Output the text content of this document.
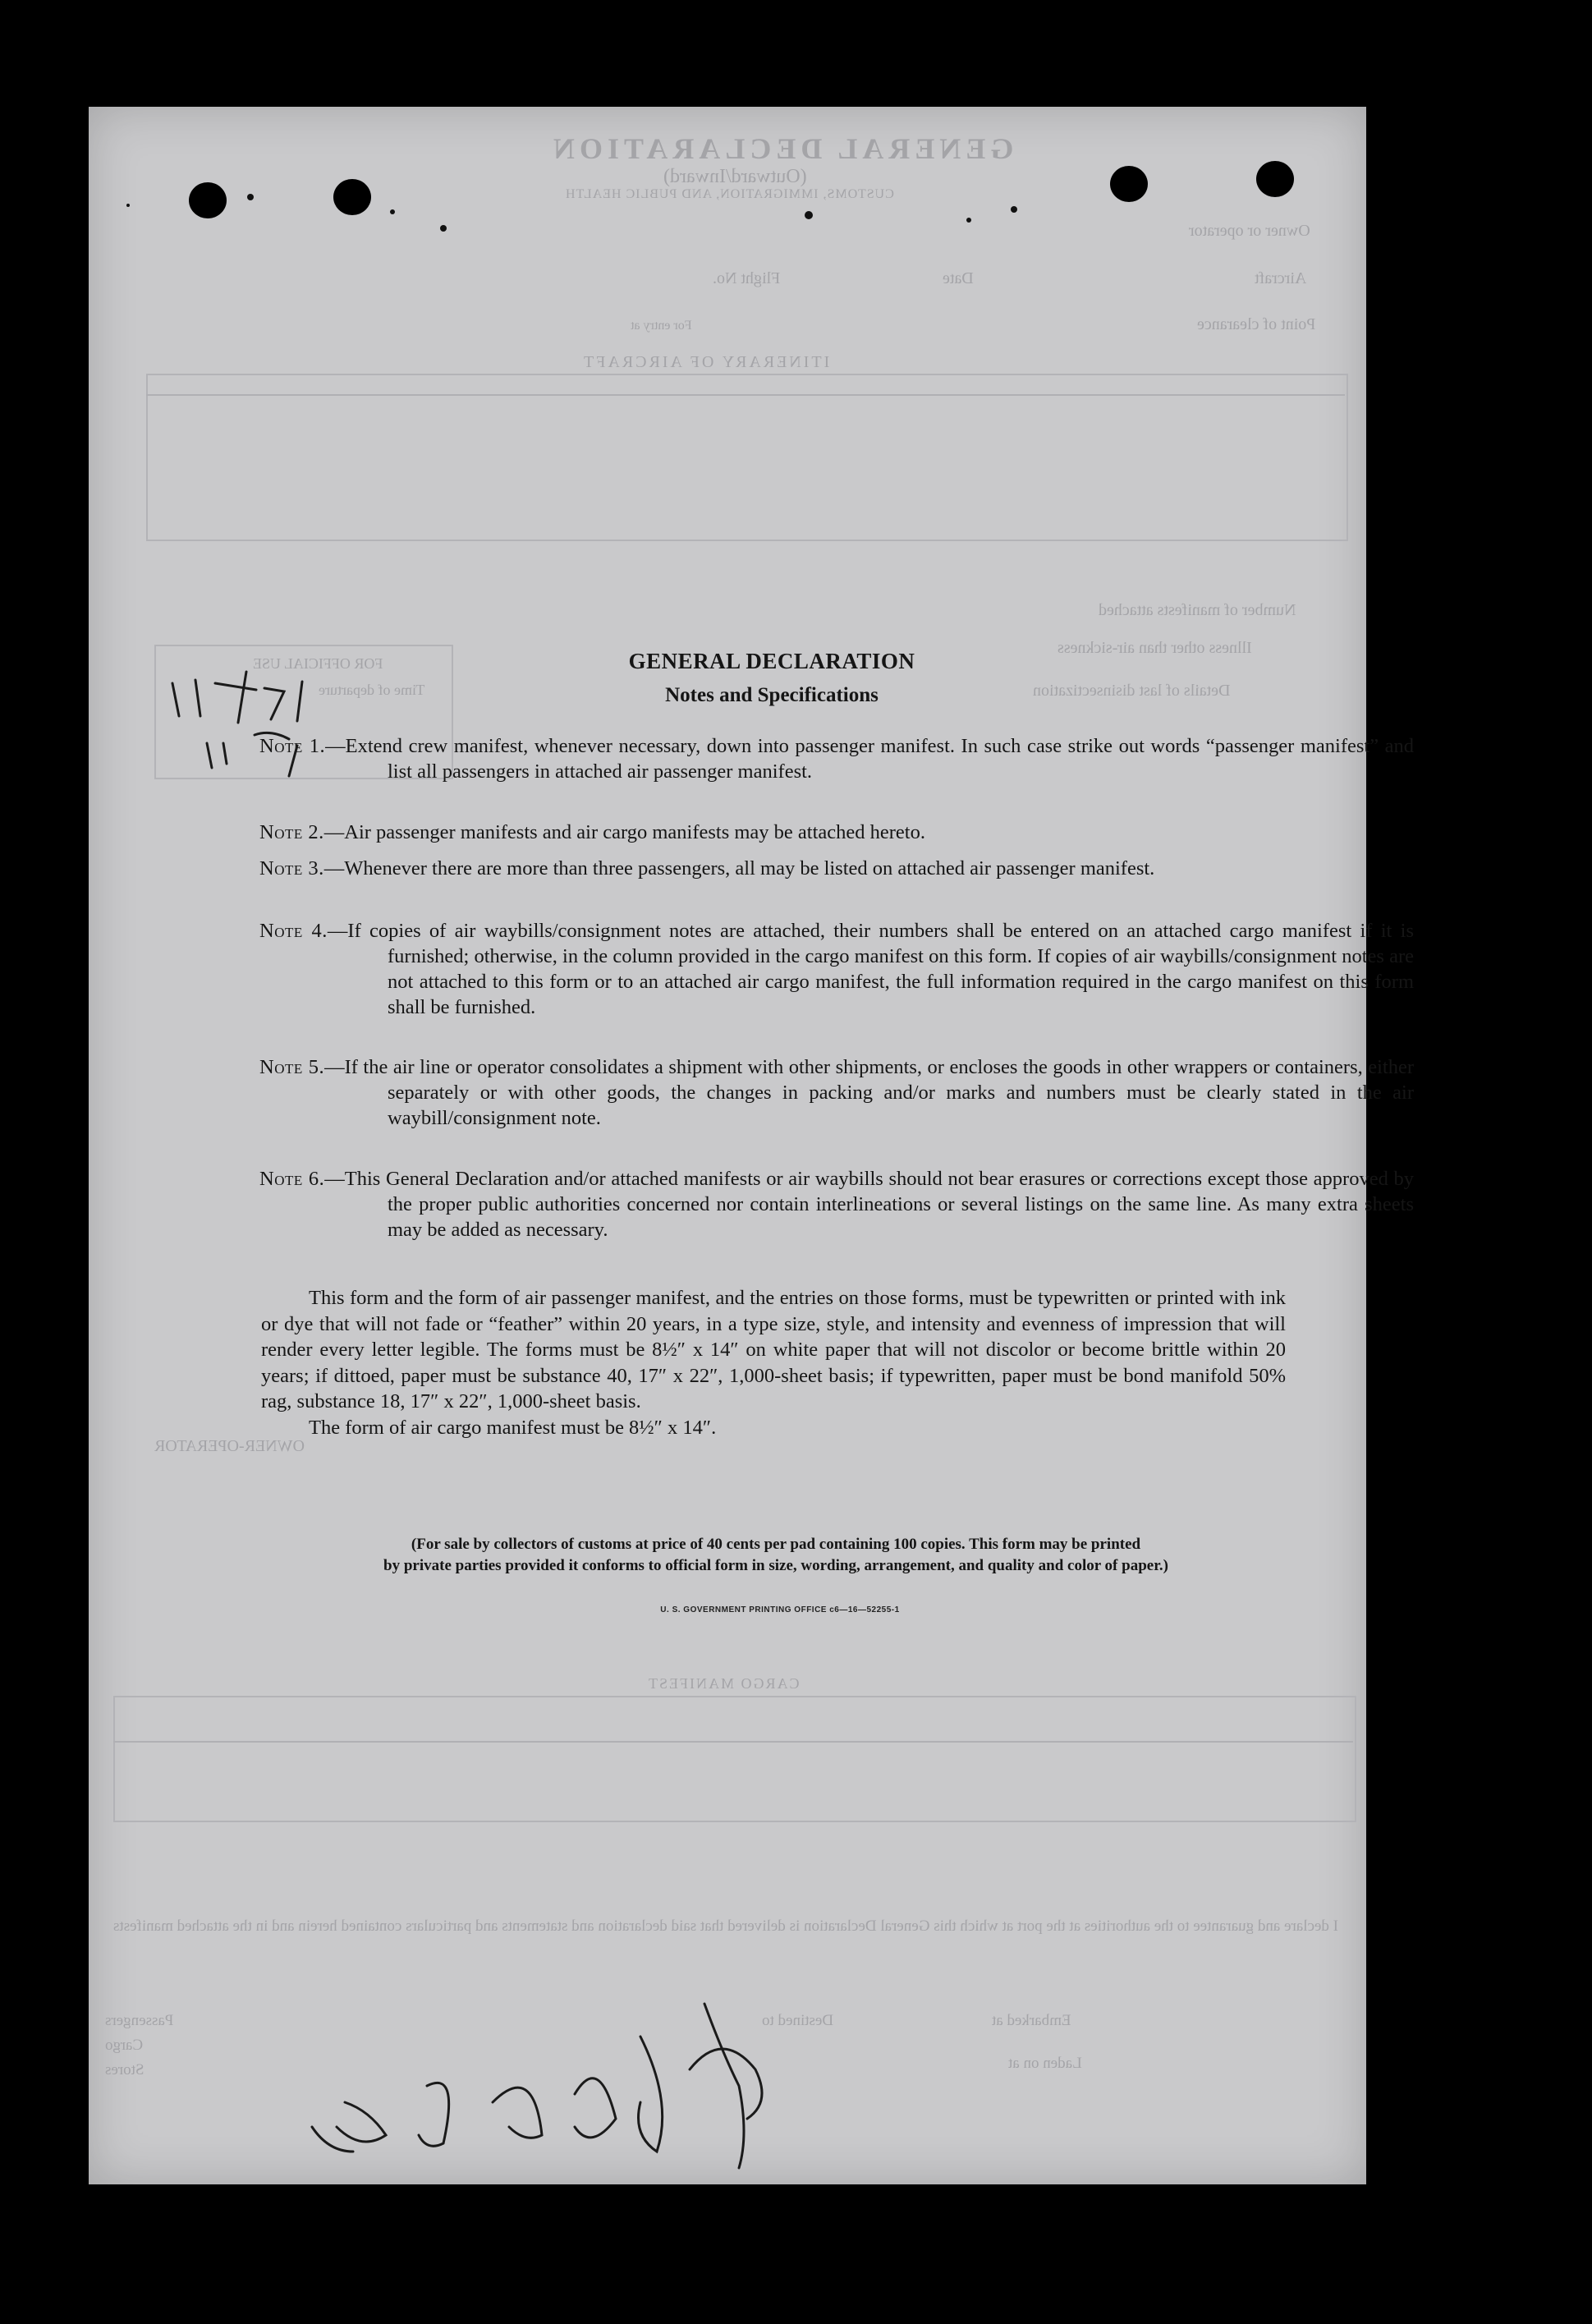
GENERAL DECLARATION
(Outward/Inward)
CUSTOMS, IMMIGRATION, AND PUBLIC HEALTH
Owner or operator
Flight No.	Date	Aircraft
Point of clearance
For entry at
ITINERARY OF AIRCRAFT
Number of manifests attached
Illness other than air-sickness
Details of last disinsectization
FOR OFFICIAL USE
Time of departure
OWNER-OPERATOR
CARGO MANIFEST
I declare and guarantee to the authorities at the port at which this General Declaration is delivered that said declaration and statements and particulars contained herein and in the attached manifests
Embarked at
Destined to
Laden on at
Passengers
Cargo
Stores
GENERAL DECLARATION
Notes and Specifications
Note 1.—Extend crew manifest, whenever necessary, down into passenger manifest. In such case strike out words “passenger manifest” and list all passengers in attached air passenger manifest.
Note 2.—Air passenger manifests and air cargo manifests may be attached hereto.
Note 3.—Whenever there are more than three passengers, all may be listed on attached air passenger manifest.
Note 4.—If copies of air waybills/consignment notes are attached, their numbers shall be entered on an attached cargo manifest if it is furnished; otherwise, in the column provided in the cargo manifest on this form. If copies of air waybills/consignment notes are not attached to this form or to an attached air cargo manifest, the full information required in the cargo manifest on this form shall be furnished.
Note 5.—If the air line or operator consolidates a shipment with other shipments, or encloses the goods in other wrappers or containers, either separately or with other goods, the changes in packing and/or marks and numbers must be clearly stated in the air waybill/consignment note.
Note 6.—This General Declaration and/or attached manifests or air waybills should not bear erasures or corrections except those approved by the proper public authorities concerned nor contain interlineations or several listings on the same line. As many extra sheets may be added as necessary.
This form and the form of air passenger manifest, and the entries on those forms, must be typewritten or printed with ink or dye that will not fade or “feather” within 20 years, in a type size, style, and intensity and evenness of impression that will render every letter legible. The forms must be 8½″ x 14″ on white paper that will not discolor or become brittle within 20 years; if dittoed, paper must be substance 40, 17″ x 22″, 1,000-sheet basis; if typewritten, paper must be bond manifold 50% rag, substance 18, 17″ x 22″, 1,000-sheet basis.
The form of air cargo manifest must be 8½″ x 14″.
(For sale by collectors of customs at price of 40 cents per pad containing 100 copies. This form may be printed
by private parties provided it conforms to official form in size, wording, arrangement, and quality and color of paper.)
U. S. GOVERNMENT PRINTING OFFICE c6—16—52255-1
